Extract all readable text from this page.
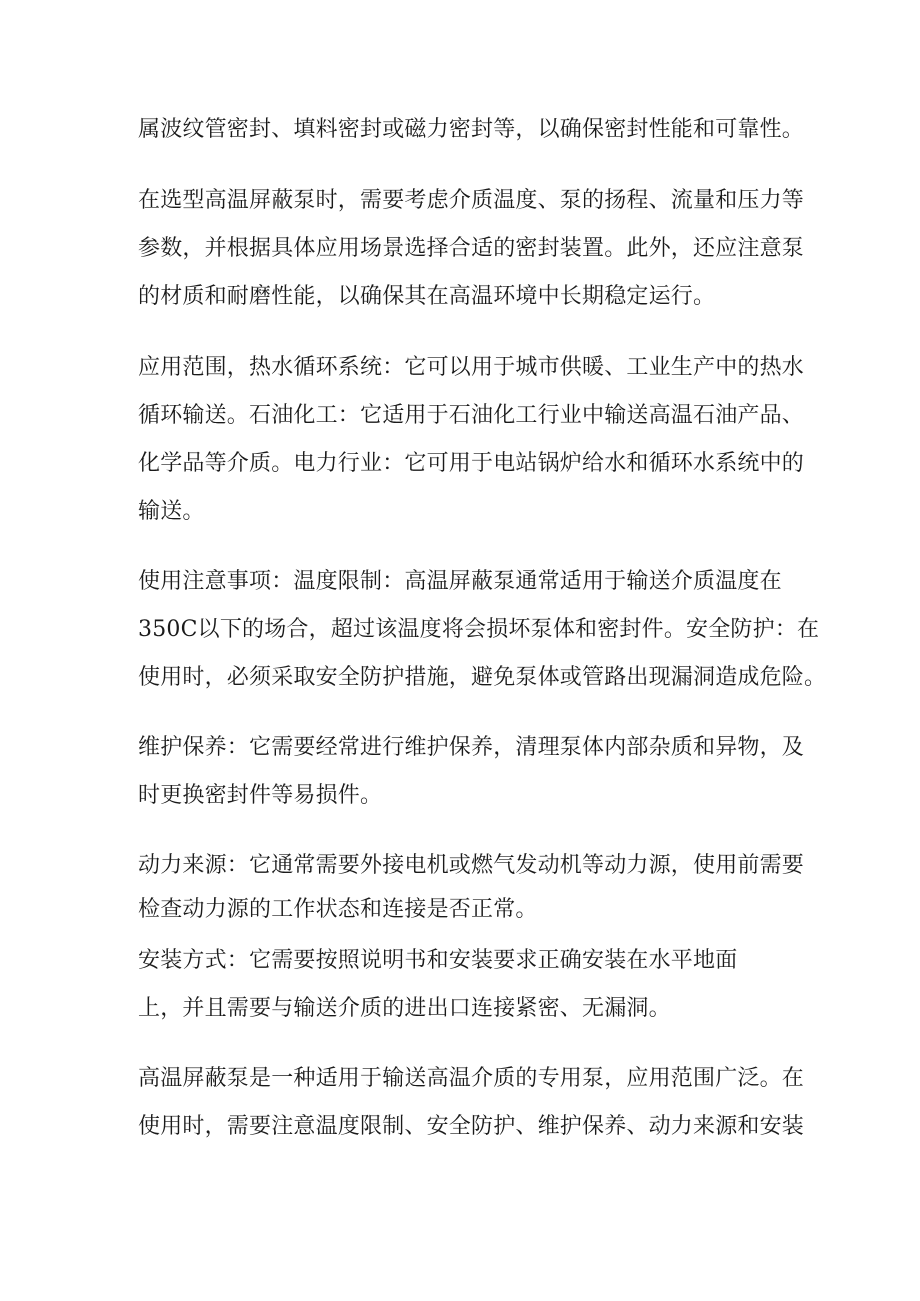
属波纹管密封、填料密封或磁力密封等，以确保密封性能和可靠性。
在选型高温屏蔽泵时，需要考虑介质温度、泵的扬程、流量和压力等
参数，并根据具体应用场景选择合适的密封装置。此外，还应注意泵
的材质和耐磨性能，以确保其在高温环境中长期稳定运行。
应用范围，热水循环系统：它可以用于城市供暖、工业生产中的热水
循环输送。石油化工：它适用于石油化工行业中输送高温石油产品、
化学品等介质。电力行业：它可用于电站锅炉给水和循环水系统中的
输送。
使用注意事项：温度限制：高温屏蔽泵通常适用于输送介质温度在
350C以下的场合，超过该温度将会损坏泵体和密封件。安全防护：在
使用时，必须采取安全防护措施，避免泵体或管路出现漏洞造成危险。
维护保养：它需要经常进行维护保养，清理泵体内部杂质和异物，及
时更换密封件等易损件。
动力来源：它通常需要外接电机或燃气发动机等动力源，使用前需要
检查动力源的工作状态和连接是否正常。
安装方式：它需要按照说明书和安装要求正确安装在水平地面
上，并且需要与输送介质的进出口连接紧密、无漏洞。
高温屏蔽泵是一种适用于输送高温介质的专用泵，应用范围广泛。在
使用时，需要注意温度限制、安全防护、维护保养、动力来源和安装
